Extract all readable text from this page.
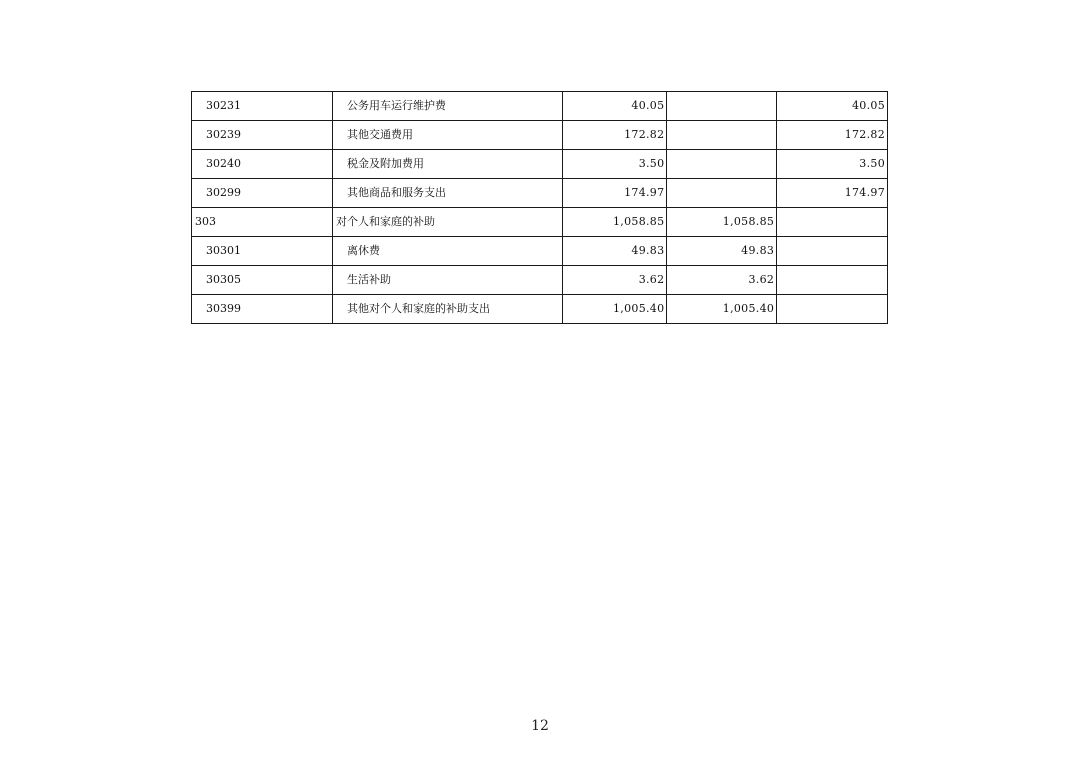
30231	公务用车运行维护费	40.05		40.05
30239	其他交通费用	172.82		172.82
30240	税金及附加费用	3.50		3.50
30299	其他商品和服务支出	174.97		174.97
303	对个人和家庭的补助	1,058.85	1,058.85	
30301	离休费	49.83	49.83	
30305	生活补助	3.62	3.62	
30399	其他对个人和家庭的补助支出	1,005.40	1,005.40	
12
